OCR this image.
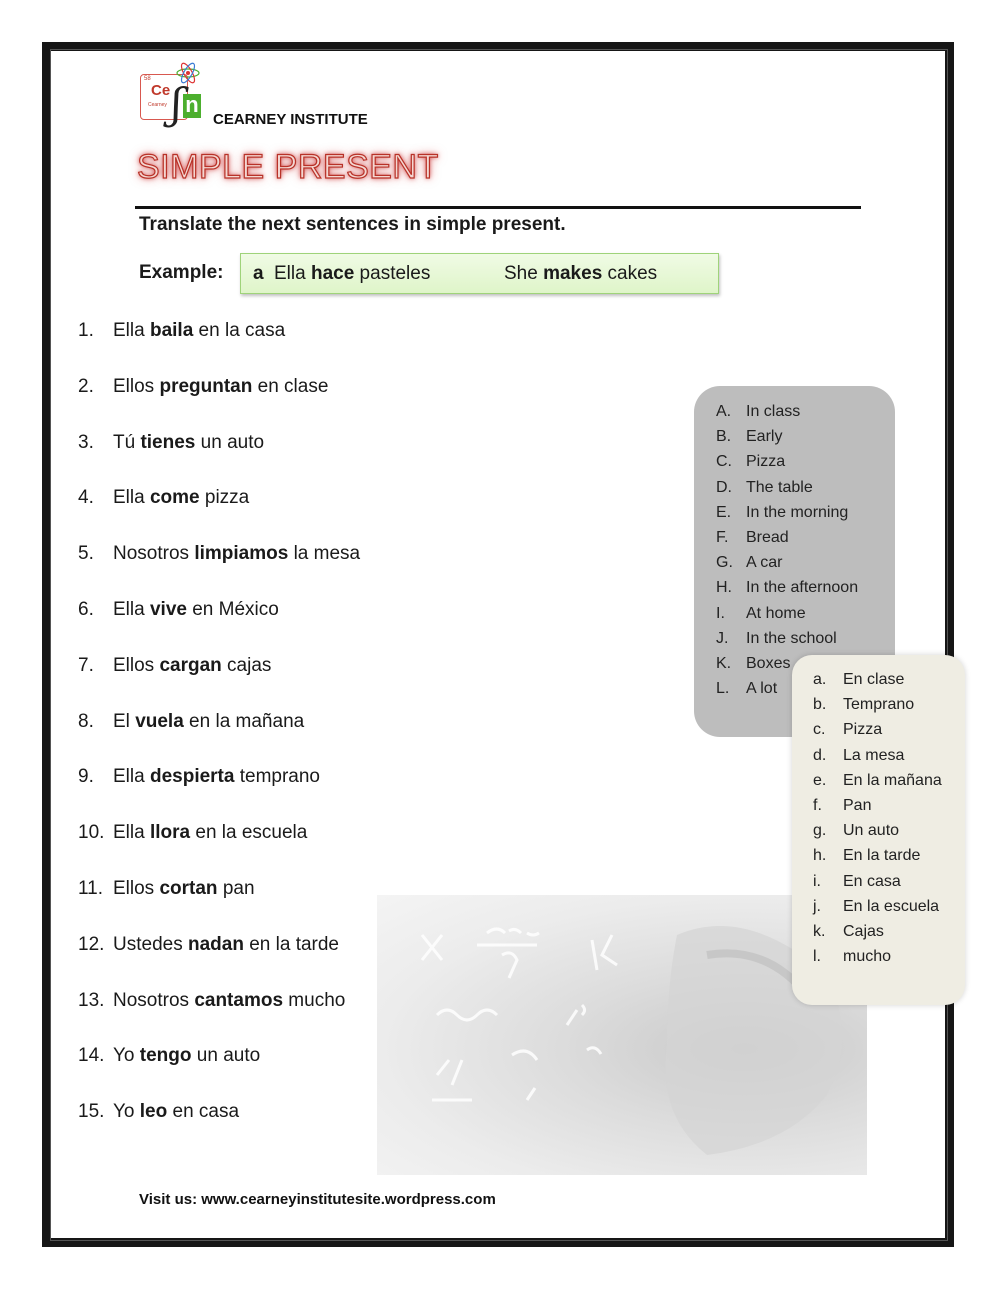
58
Ce
Cearney ʃ n
CEARNEY INSTITUTE
SIMPLE PRESENT
Translate the next sentences in simple present.
Example: a Ella hace pasteles	She makes cakes
1. Ella baila en la casa
2. Ellos preguntan en clase
3. Tú tienes un auto
4. Ella come pizza
5. Nosotros limpiamos la mesa
6. Ella vive en México
7. Ellos cargan cajas
8. El vuela en la mañana
9. Ella despierta temprano
10. Ella llora en la escuela
11. Ellos cortan pan
12. Ustedes nadan en la tarde
13. Nosotros cantamos mucho
14. Yo tengo un auto
15. Yo leo en casa
A. In class
B. Early
C. Pizza
D. The table
E. In the morning
F. Bread
G. A car
H. In the afternoon
I. At home
J. In the school
K. Boxes
L. A lot
a. En clase
b. Temprano
c. Pizza
d. La mesa
e. En la mañana
f. Pan
g. Un auto
h. En la tarde
i. En casa
j. En la escuela
k. Cajas
l. mucho
Visit us: www.cearneyinstitutesite.wordpress.com
